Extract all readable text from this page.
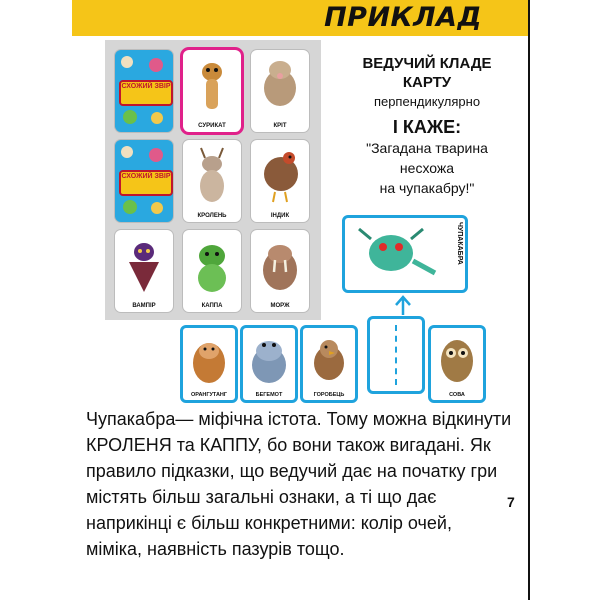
ПРИКЛАД
СХОЖИЙ ЗВІР
СУРИКАТ	КРІТ
СХОЖИЙ ЗВІР
КРОЛЕНЬ	ІНДИК
ВАМПІР	КАППА	МОРЖ
ВЕДУЧИЙ КЛАДЕ
КАРТУ
перпендикулярно
І КАЖЕ:
"Загадана тварина
несхожа
на чупакабру!"
ЧУПАКАБРА
ОРАНГУТАНГ	БЕГЕМОТ	ГОРОБЕЦЬ	СОВА
Чупакабра— міфічна істота. Тому можна відкинути
КРОЛЕНЯ та КАППУ, бо вони також вигадані. Як
правило підказки, що ведучий дає на початку гри
містять більш загальні ознаки, а ті що дає
наприкінці є більш конкретними: колір очей,
міміка, наявність пазурів тощо.
7
